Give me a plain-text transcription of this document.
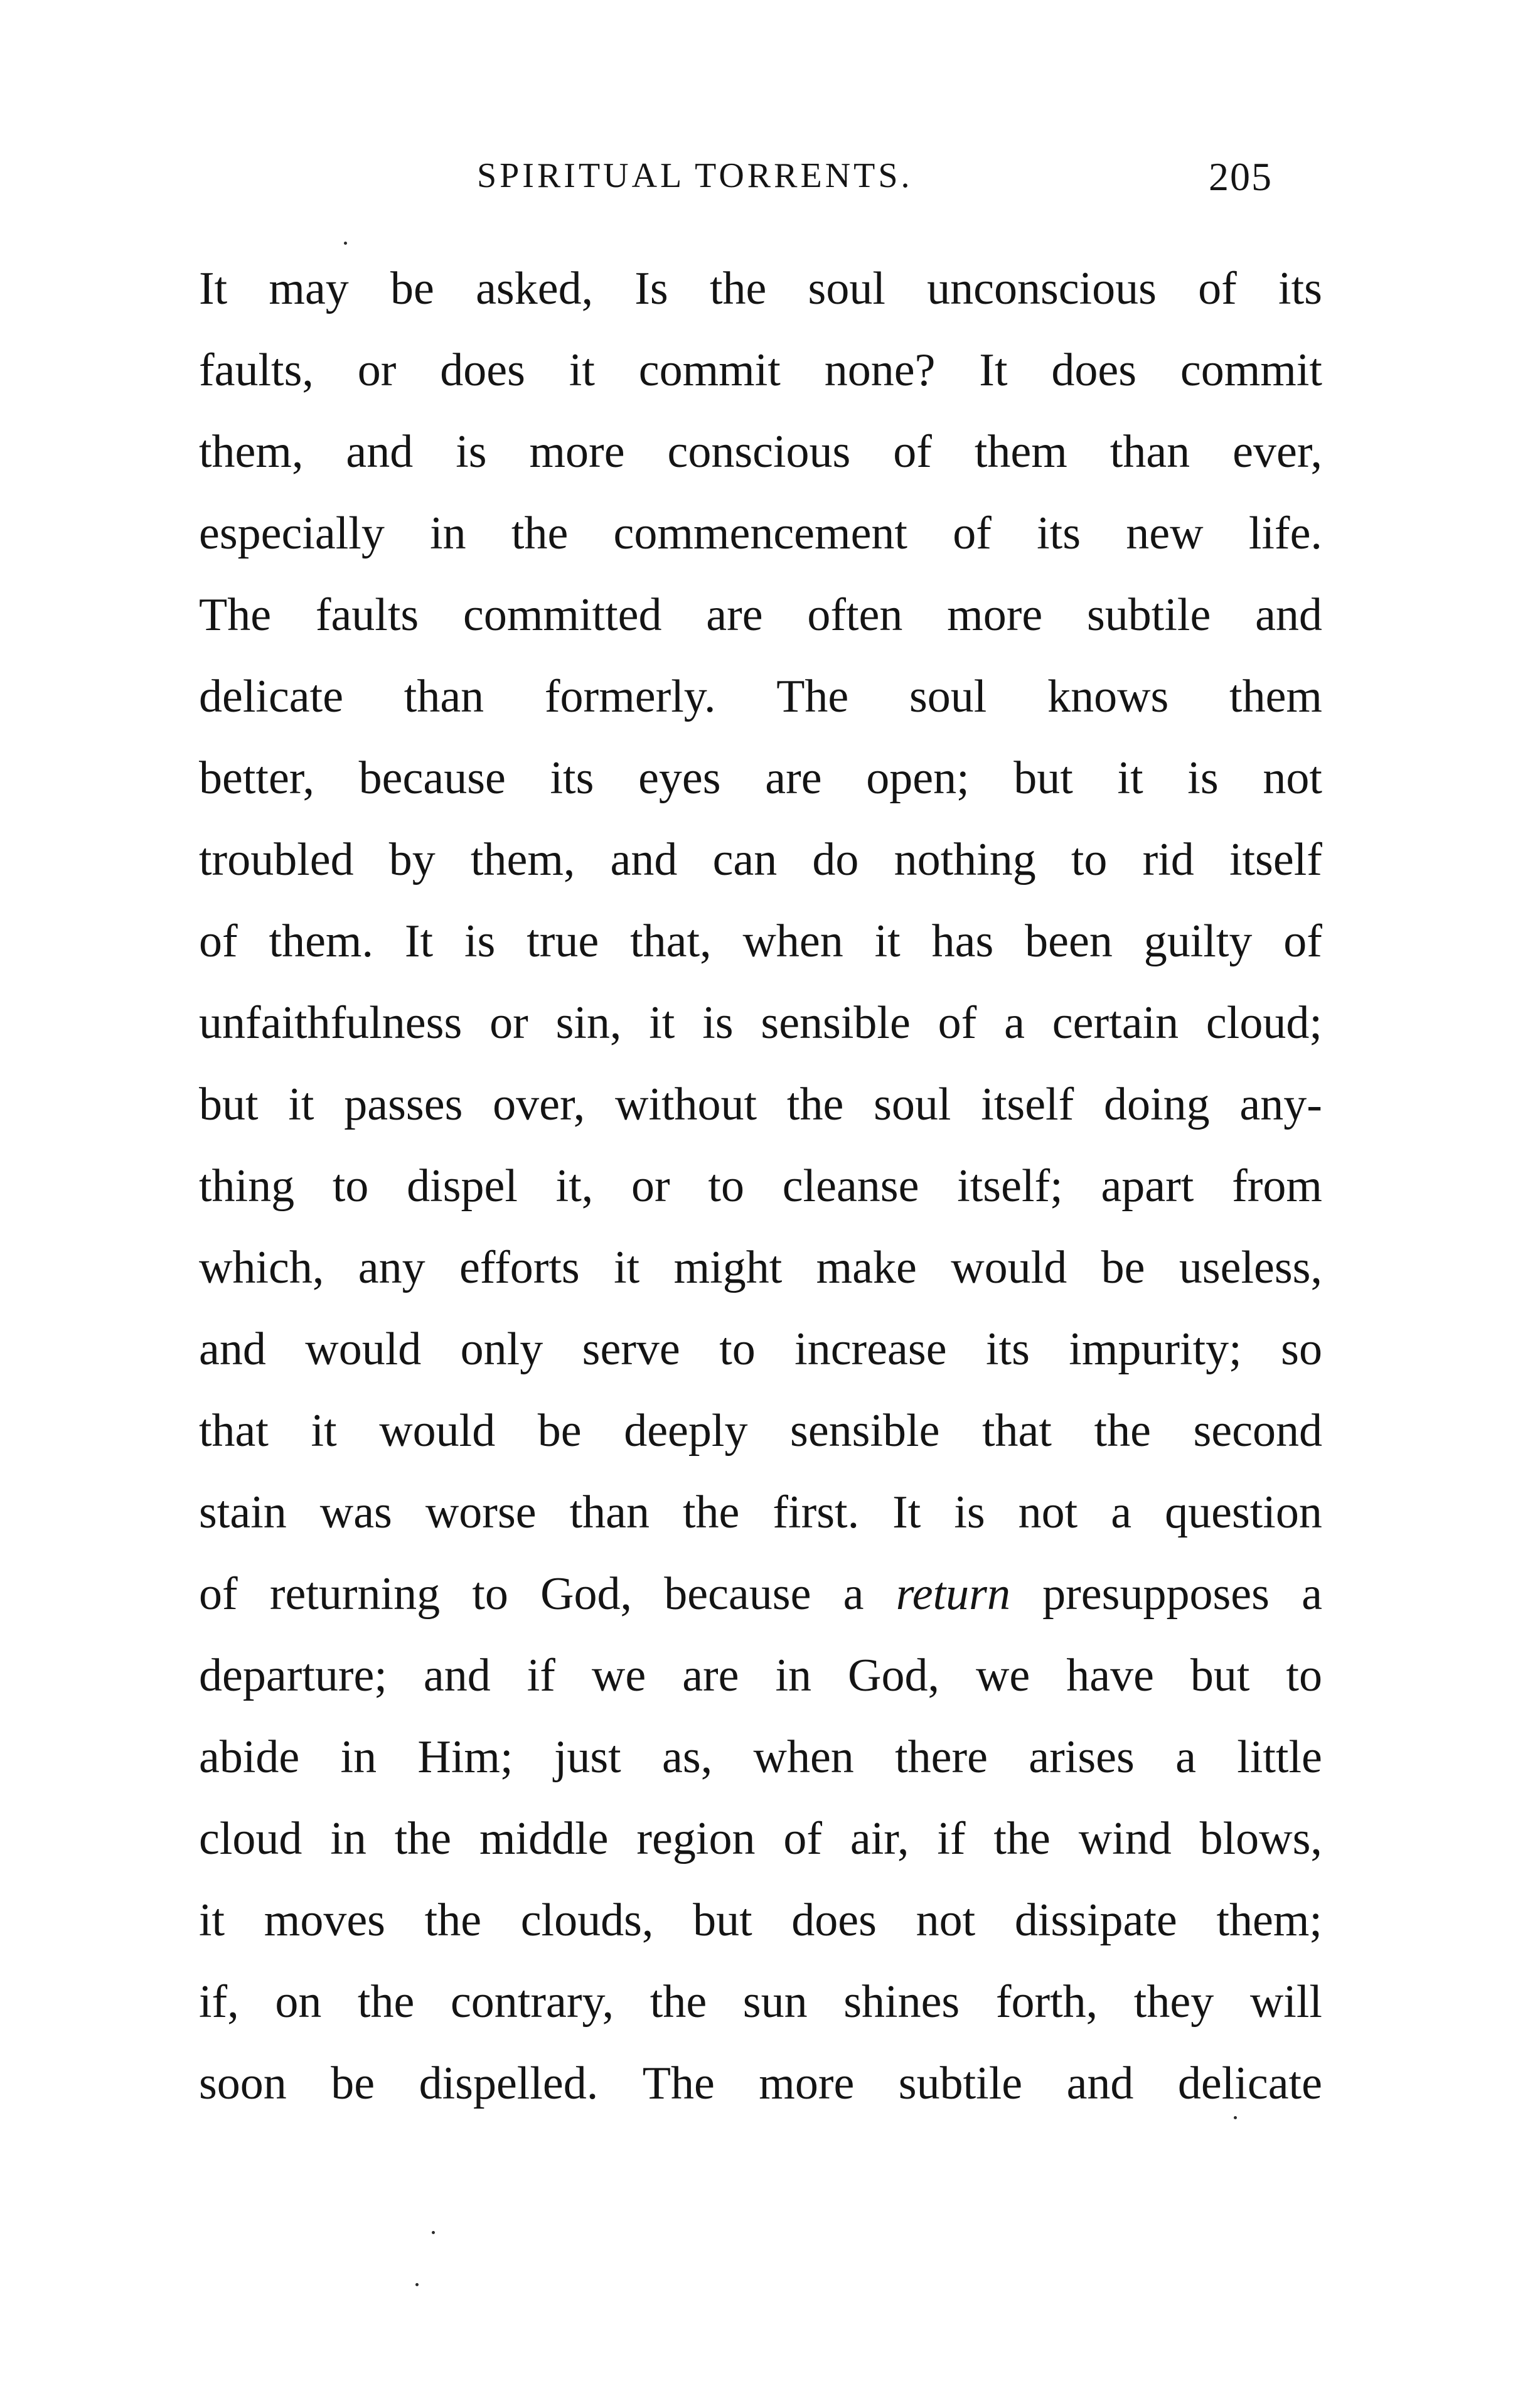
SPIRITUAL TORRENTS.	205
It may be asked, Is the soul unconscious of its
faults, or does it commit none? It does commit
them, and is more conscious of them than ever,
especially in the commencement of its new life.
The faults committed are often more subtile and
delicate than formerly. The soul knows them
better, because its eyes are open; but it is not
troubled by them, and can do nothing to rid itself
of them. It is true that, when it has been guilty of
unfaithfulness or sin, it is sensible of a certain cloud;
but it passes over, without the soul itself doing any-
thing to dispel it, or to cleanse itself; apart from
which, any efforts it might make would be useless,
and would only serve to increase its impurity; so
that it would be deeply sensible that the second
stain was worse than the first. It is not a question
of returning to God, because a return presupposes a
departure; and if we are in God, we have but to
abide in Him; just as, when there arises a little
cloud in the middle region of air, if the wind blows,
it moves the clouds, but does not dissipate them;
if, on the contrary, the sun shines forth, they will
soon be dispelled. The more subtile and delicate
